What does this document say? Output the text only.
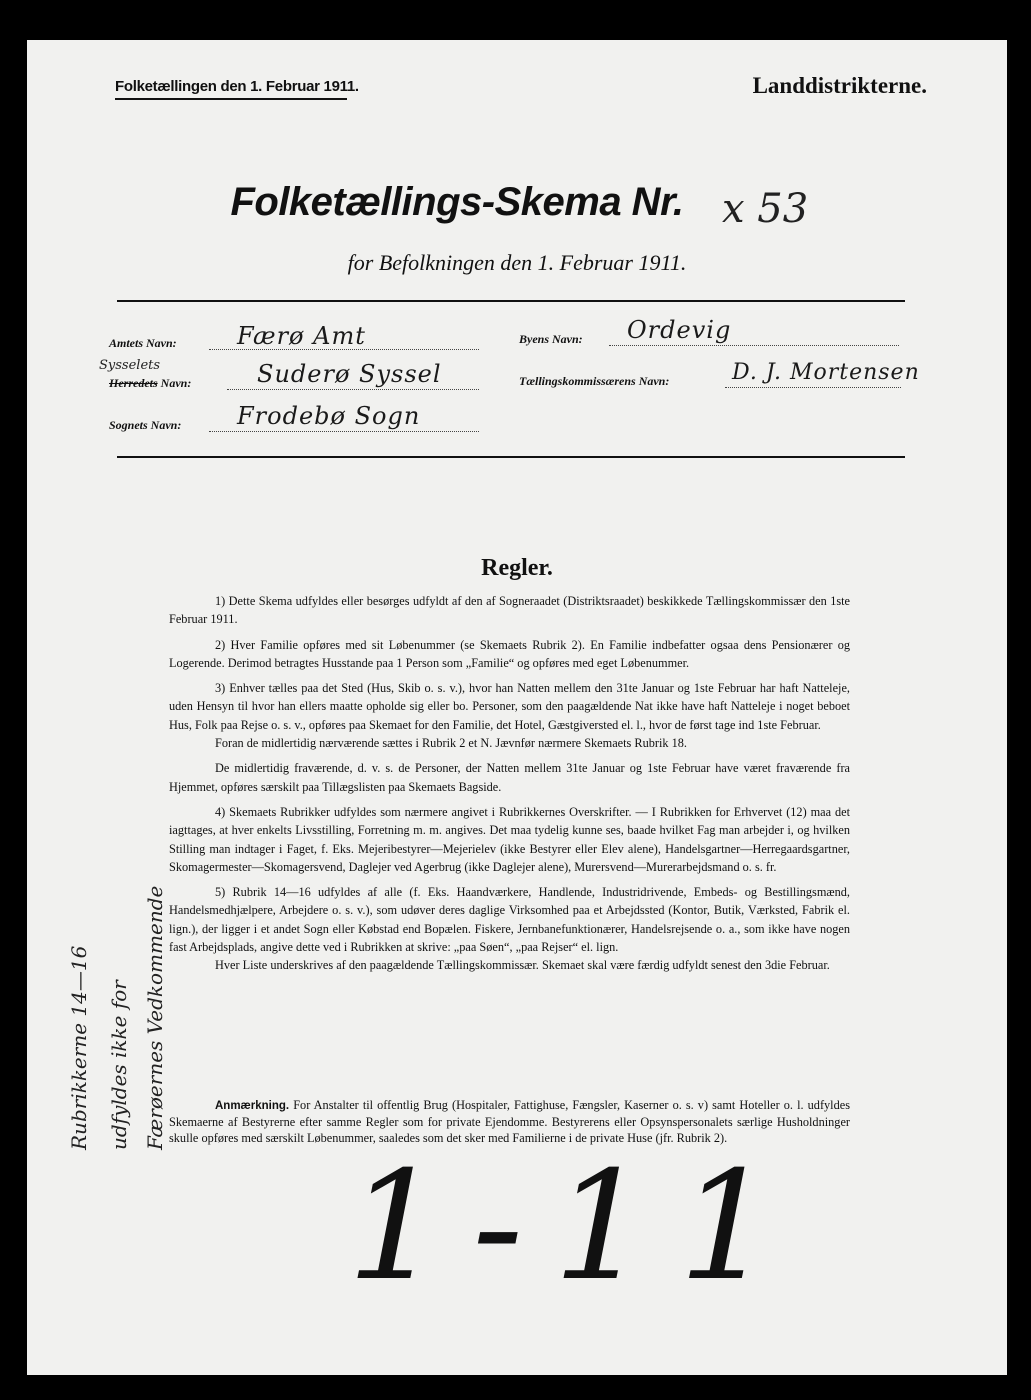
Folketællingen den 1. Februar 1911.	Landdistrikterne.
Folketællings-Skema Nr. x 53
for Befolkningen den 1. Februar 1911.
Amtets Navn:	Færø Amt
Sysselets
Herredets Navn:	Suderø Syssel
Sognets Navn: Frodebø Sogn
Byens Navn: Ordevig
Tællingskommissærens Navn:	D. J. Mortensen
Regler.

1) Dette Skema udfyldes eller besørges udfyldt af den af Sogneraadet (Distriktsraadet) beskikkede Tællingskommissær den 1ste Februar 1911.

2) Hver Familie opføres med sit Løbenummer (se Skemaets Rubrik 2). En Familie indbefatter ogsaa dens Pensionærer og Logerende. Derimod betragtes Husstande paa 1 Person som „Familie“ og opføres med eget Løbenummer.

3) Enhver tælles paa det Sted (Hus, Skib o. s. v.), hvor han Natten mellem den 31te Januar og 1ste Februar har haft Natteleje, uden Hensyn til hvor han ellers maatte opholde sig eller bo. Personer, som den paagældende Nat ikke have haft Natteleje i noget beboet Hus, Folk paa Rejse o. s. v., opføres paa Skemaet for den Familie, det Hotel, Gæstgiversted el. l., hvor de først tage ind 1ste Februar.

Foran de midlertidig nærværende sættes i Rubrik 2 et N. Jævnfør nærmere Skemaets Rubrik 18.

De midlertidig fraværende, d. v. s. de Personer, der Natten mellem 31te Januar og 1ste Februar have været fraværende fra Hjemmet, opføres særskilt paa Tillægslisten paa Skemaets Bagside.

4) Skemaets Rubrikker udfyldes som nærmere angivet i Rubrikkernes Overskrifter. — I Rubrikken for Erhvervet (12) maa det iagttages, at hver enkelts Livsstilling, Forretning m. m. angives. Det maa tydelig kunne ses, baade hvilket Fag man arbejder i, og hvilken Stilling man indtager i Faget, f. Eks. Mejeribestyrer—Mejerielev (ikke Bestyrer eller Elev alene), Handelsgartner—Herregaardsgartner, Skomagermester—Skomagersvend, Daglejer ved Agerbrug (ikke Daglejer alene), Murersvend—Murerarbejdsmand o. s. fr.

5) Rubrik 14—16 udfyldes af alle (f. Eks. Haandværkere, Handlende, Industridrivende, Embeds- og Bestillingsmænd, Handelsmedhjælpere, Arbejdere o. s. v.), som udøver deres daglige Virksomhed paa et Arbejdssted (Kontor, Butik, Værksted, Fabrik el. lign.), der ligger i et andet Sogn eller Købstad end Bopælen. Fiskere, Jernbanefunktionærer, Handelsrejsende o. a., som ikke have nogen fast Arbejdsplads, angive dette ved i Rubrikken at skrive: „paa Søen“, „paa Rejser“ el. lign.

Hver Liste underskrives af den paagældende Tællingskommissær. Skemaet skal være færdig udfyldt senest den 3die Februar.

Anmærkning. For Anstalter til offentlig Brug (Hospitaler, Fattighuse, Fængsler, Kaserner o. s. v) samt Hoteller o. l. udfyldes Skemaerne af Bestyrerne efter samme Regler som for private Ejendomme. Bestyrerens eller Opsynspersonalets særlige Husholdninger skulle opføres med særskilt Løbenummer, saaledes som det sker med Familierne i de private Huse (jfr. Rubrik 2).
Rubrikkerne 14—16 udfyldes ikke for Færøernes Vedkommende
1-11
